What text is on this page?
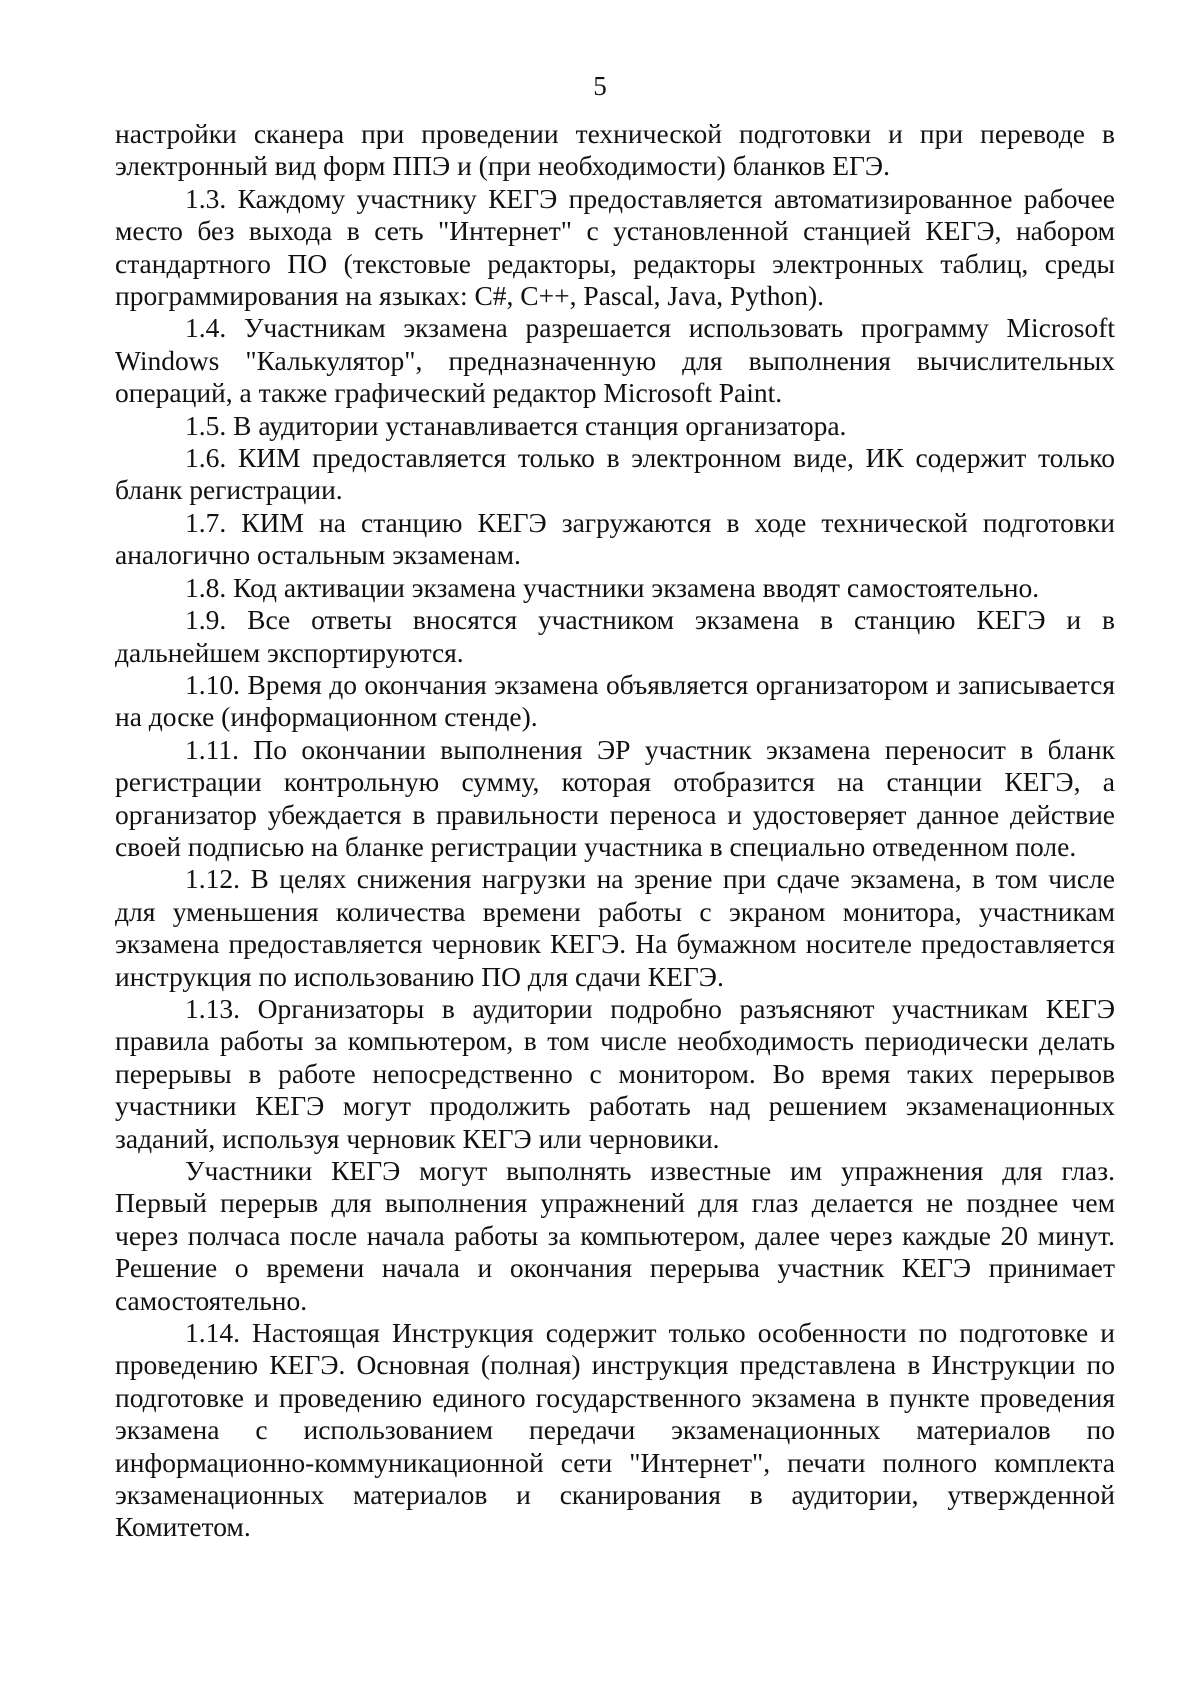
5

настройки сканера при проведении технической подготовки и при переводе в электронный вид форм ППЭ и (при необходимости) бланков ЕГЭ.

1.3. Каждому участнику КЕГЭ предоставляется автоматизированное рабочее место без выхода в сеть "Интернет" с установленной станцией КЕГЭ, набором стандартного ПО (текстовые редакторы, редакторы электронных таблиц, среды программирования на языках: C#, C++, Pascal, Java, Python).

1.4. Участникам экзамена разрешается использовать программу Microsoft Windows "Калькулятор", предназначенную для выполнения вычислительных операций, а также графический редактор Microsoft Paint.

1.5. В аудитории устанавливается станция организатора.

1.6. КИМ предоставляется только в электронном виде, ИК содержит только бланк регистрации.

1.7. КИМ на станцию КЕГЭ загружаются в ходе технической подготовки аналогично остальным экзаменам.

1.8. Код активации экзамена участники экзамена вводят самостоятельно.

1.9. Все ответы вносятся участником экзамена в станцию КЕГЭ и в дальнейшем экспортируются.

1.10. Время до окончания экзамена объявляется организатором и записывается на доске (информационном стенде).

1.11. По окончании выполнения ЭР участник экзамена переносит в бланк регистрации контрольную сумму, которая отобразится на станции КЕГЭ, а организатор убеждается в правильности переноса и удостоверяет данное действие своей подписью на бланке регистрации участника в специально отведенном поле.

1.12. В целях снижения нагрузки на зрение при сдаче экзамена, в том числе для уменьшения количества времени работы с экраном монитора, участникам экзамена предоставляется черновик КЕГЭ. На бумажном носителе предоставляется инструкция по использованию ПО для сдачи КЕГЭ.

1.13. Организаторы в аудитории подробно разъясняют участникам КЕГЭ правила работы за компьютером, в том числе необходимость периодически делать перерывы в работе непосредственно с монитором. Во время таких перерывов участники КЕГЭ могут продолжить работать над решением экзаменационных заданий, используя черновик КЕГЭ или черновики.

Участники КЕГЭ могут выполнять известные им упражнения для глаз. Первый перерыв для выполнения упражнений для глаз делается не позднее чем через полчаса после начала работы за компьютером, далее через каждые 20 минут. Решение о времени начала и окончания перерыва участник КЕГЭ принимает самостоятельно.

1.14. Настоящая Инструкция содержит только особенности по подготовке и проведению КЕГЭ. Основная (полная) инструкция представлена в Инструкции по подготовке и проведению единого государственного экзамена в пункте проведения экзамена с использованием передачи экзаменационных материалов по информационно-коммуникационной сети "Интернет", печати полного комплекта экзаменационных материалов и сканирования в аудитории, утвержденной Комитетом.
